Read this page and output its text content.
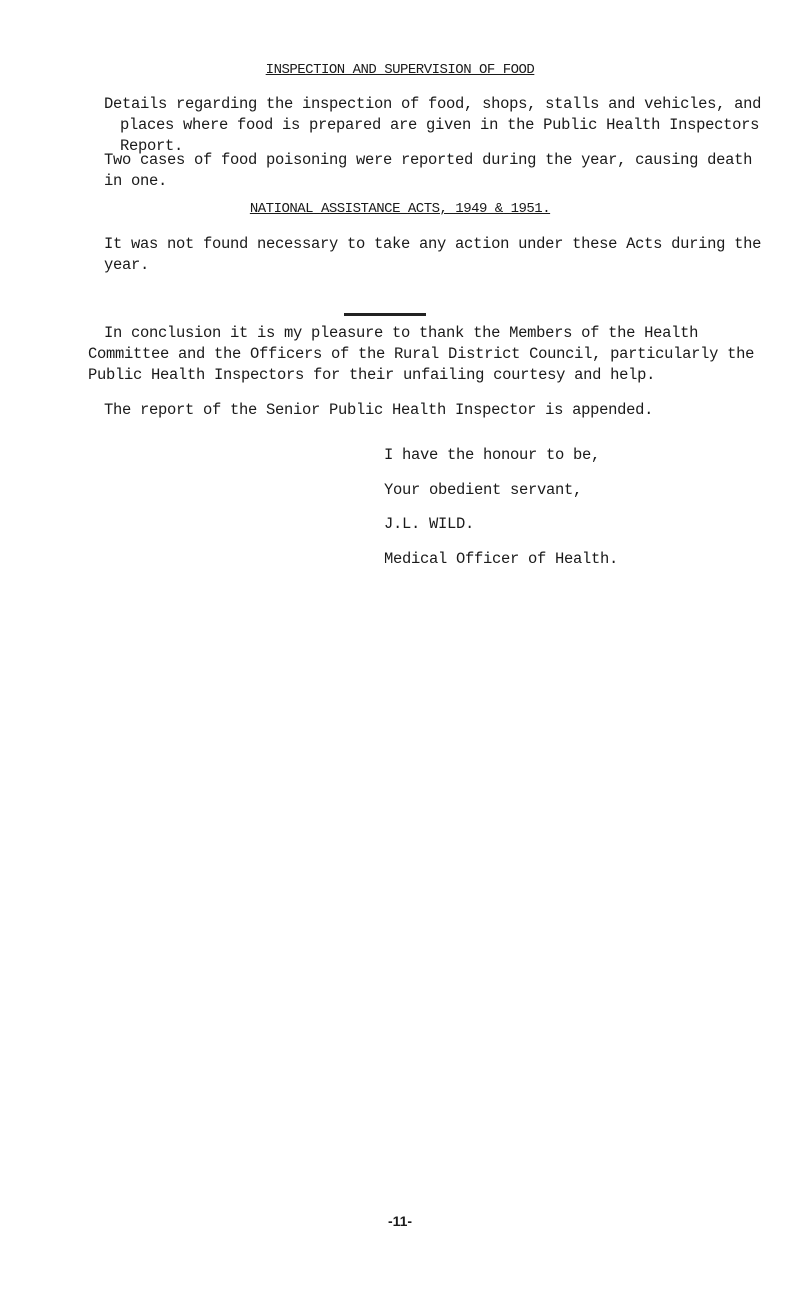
INSPECTION AND SUPERVISION OF FOOD
Details regarding the inspection of food, shops, stalls and vehicles, and places where food is prepared are given in the Public Health Inspectors Report.
Two cases of food poisoning were reported during the year, causing death in one.
NATIONAL ASSISTANCE ACTS, 1949 & 1951.
It was not found necessary to take any action under these Acts during the year.
In conclusion it is my pleasure to thank the Members of the Health Committee and the Officers of the Rural District Council, particularly the Public Health Inspectors for their unfailing courtesy and help.
The report of the Senior Public Health Inspector is appended.
I have the honour to be,
Your obedient servant,
J.L. WILD.
Medical Officer of Health.
-11-
